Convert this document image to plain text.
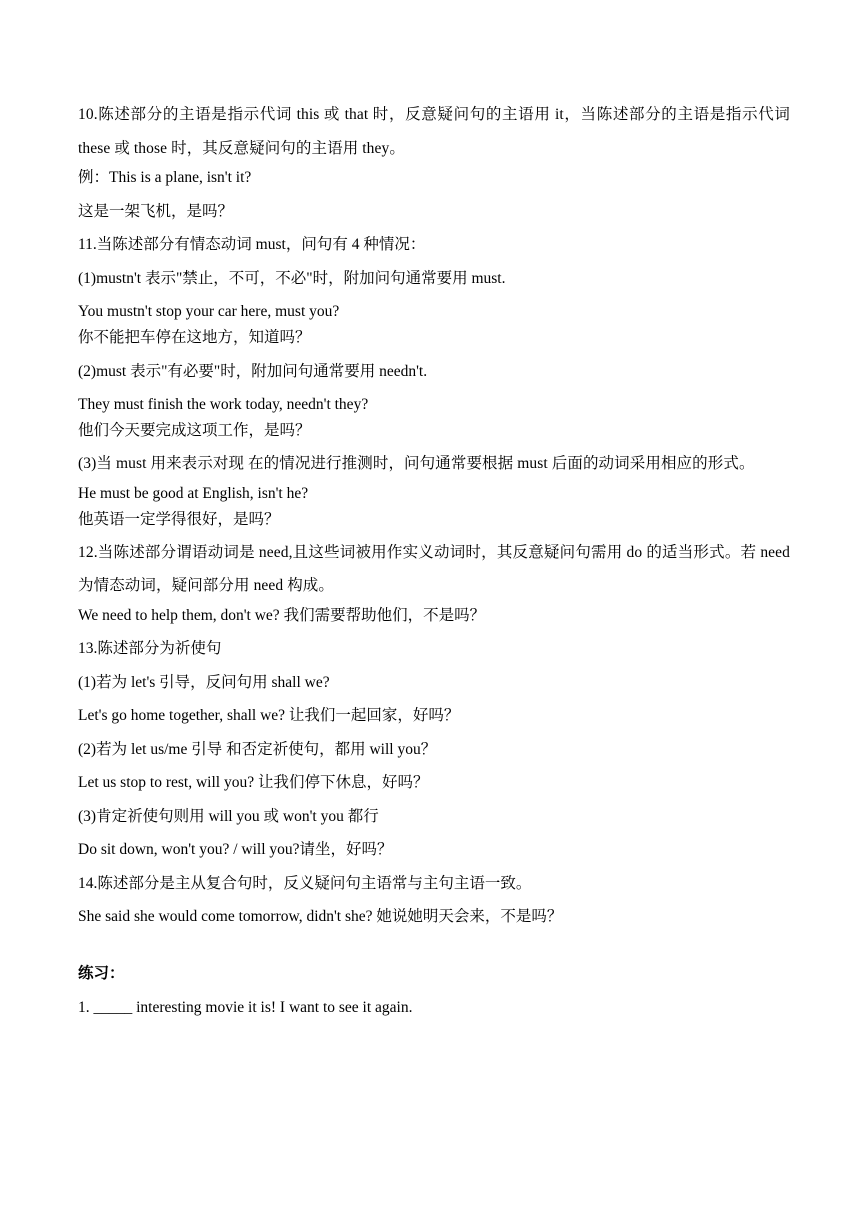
10.陈述部分的主语是指示代词 this 或 that 时，反意疑问句的主语用 it，当陈述部分的主语是指示代词 these 或 those 时，其反意疑问句的主语用 they。

例：This is a plane, isn't it?

这是一架飞机，是吗？

11.当陈述部分有情态动词 must，问句有 4 种情况：

(1)mustn't 表示"禁止，不可，不必"时，附加问句通常要用 must.

You mustn't stop your car here, must you?

你不能把车停在这地方，知道吗？

(2)must 表示"有必要"时，附加问句通常要用 needn't.

They must finish the work today, needn't they?

他们今天要完成这项工作，是吗？

(3)当 must 用来表示对现 在的情况进行推测时，问句通常要根据 must 后面的动词采用相应的形式。

He must be good at English, isn't he?

他英语一定学得很好，是吗？

12.当陈述部分谓语动词是 need,且这些词被用作实义动词时，其反意疑问句需用 do 的适当形式。若 need 为情态动词，疑问部分用 need 构成。

We need to help them, don't we? 我们需要帮助他们，不是吗？

13.陈述部分为祈使句

(1)若为 let's 引导，反问句用 shall we?

Let's go home together, shall we? 让我们一起回家，好吗？

(2)若为 let us/me 引导 和否定祈使句，都用 will you？

Let us stop to rest, will you? 让我们停下休息，好吗？

(3)肯定祈使句则用 will you 或 won't you 都行

Do sit down, won't you? / will you?请坐，好吗？

14.陈述部分是主从复合句时，反义疑问句主语常与主句主语一致。

She said she would come tomorrow, didn't she? 她说她明天会来，不是吗？

练习：

1. _____ interesting movie it is! I want to see it again.
